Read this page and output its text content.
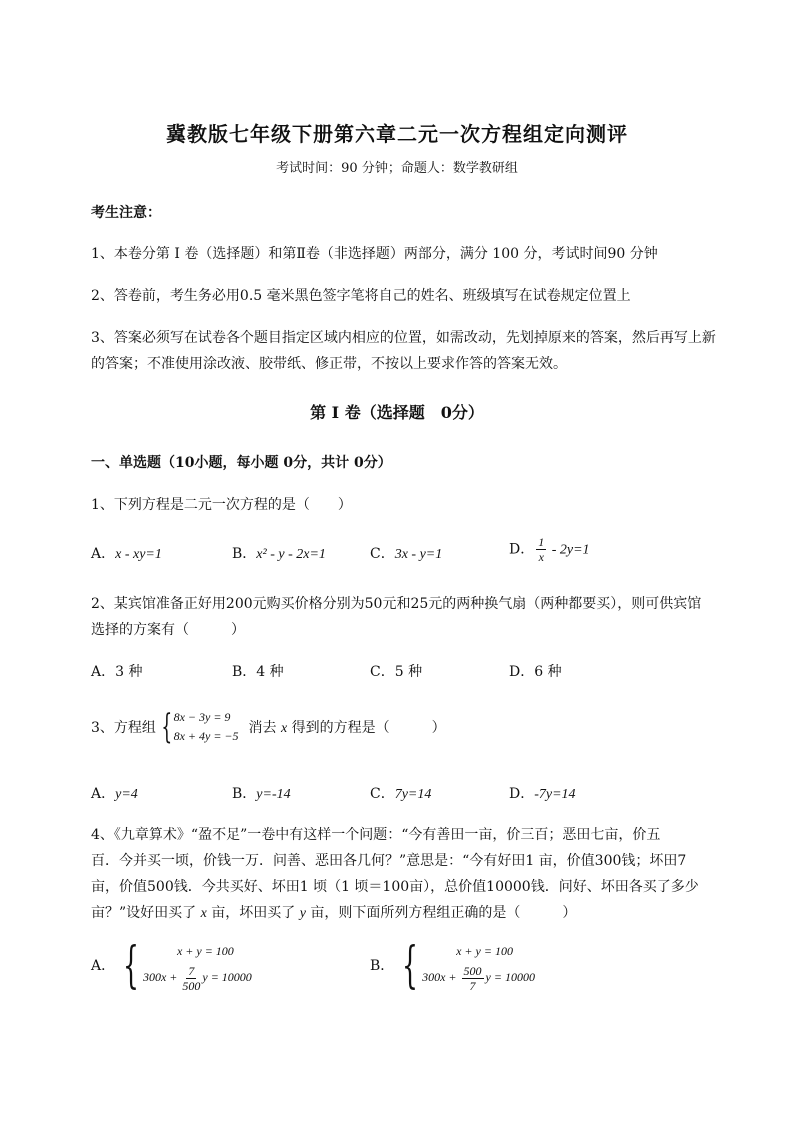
冀教版七年级下册第六章二元一次方程组定向测评
考试时间：90 分钟；命题人：数学教研组
考生注意：
1、本卷分第 I 卷（选择题）和第Ⅱ卷（非选择题）两部分，满分 100 分，考试时间90 分钟
2、答卷前，考生务必用0.5 毫米黑色签字笔将自己的姓名、班级填写在试卷规定位置上
3、答案必须写在试卷各个题目指定区域内相应的位置，如需改动，先划掉原来的答案，然后再写上新
的答案；不准使用涂改液、胶带纸、修正带，不按以上要求作答的答案无效。
第 I 卷（选择题　0分）
一、单选题（10小题，每小题 0分，共计 0分）
1、下列方程是二元一次方程的是（　　）
A．x - xy=1	B．x² - y - 2x=1	C．3x - y=1	D． $\frac{1}{x} - 2y=1$
2、某宾馆准备正好用200元购买价格分别为50元和25元的两种换气扇（两种都要买），则可供宾馆
选择的方案有（　　　）
A．3 种	B．4 种	C．5 种	D．6 种
3、方程组 { 8x − 3y = 9
8x + 4y = −5 消去 x 得到的方程是（　　　）
A．y=4	B．y=-14	C．7y=14	D．-7y=14
4、《九章算术》“盈不足”一卷中有这样一个问题：“今有善田一亩，价三百；恶田七亩，价五
百．今并买一顷，价钱一万．问善、恶田各几何？”意思是：“今有好田1 亩，价值300钱；坏田7
亩，价值500钱．今共买好、坏田1 顷（1 顷＝100亩），总价值10000钱．问好、坏田各买了多少
亩？”设好田买了 x 亩，坏田买了 y 亩，则下面所列方程组正确的是（　　　）
A． {	x + y = 100
$300x + \frac{7}{500}$ y = 10000
B． {	x + y = 100
$300x + \frac{500}{7}$ y = 10000
